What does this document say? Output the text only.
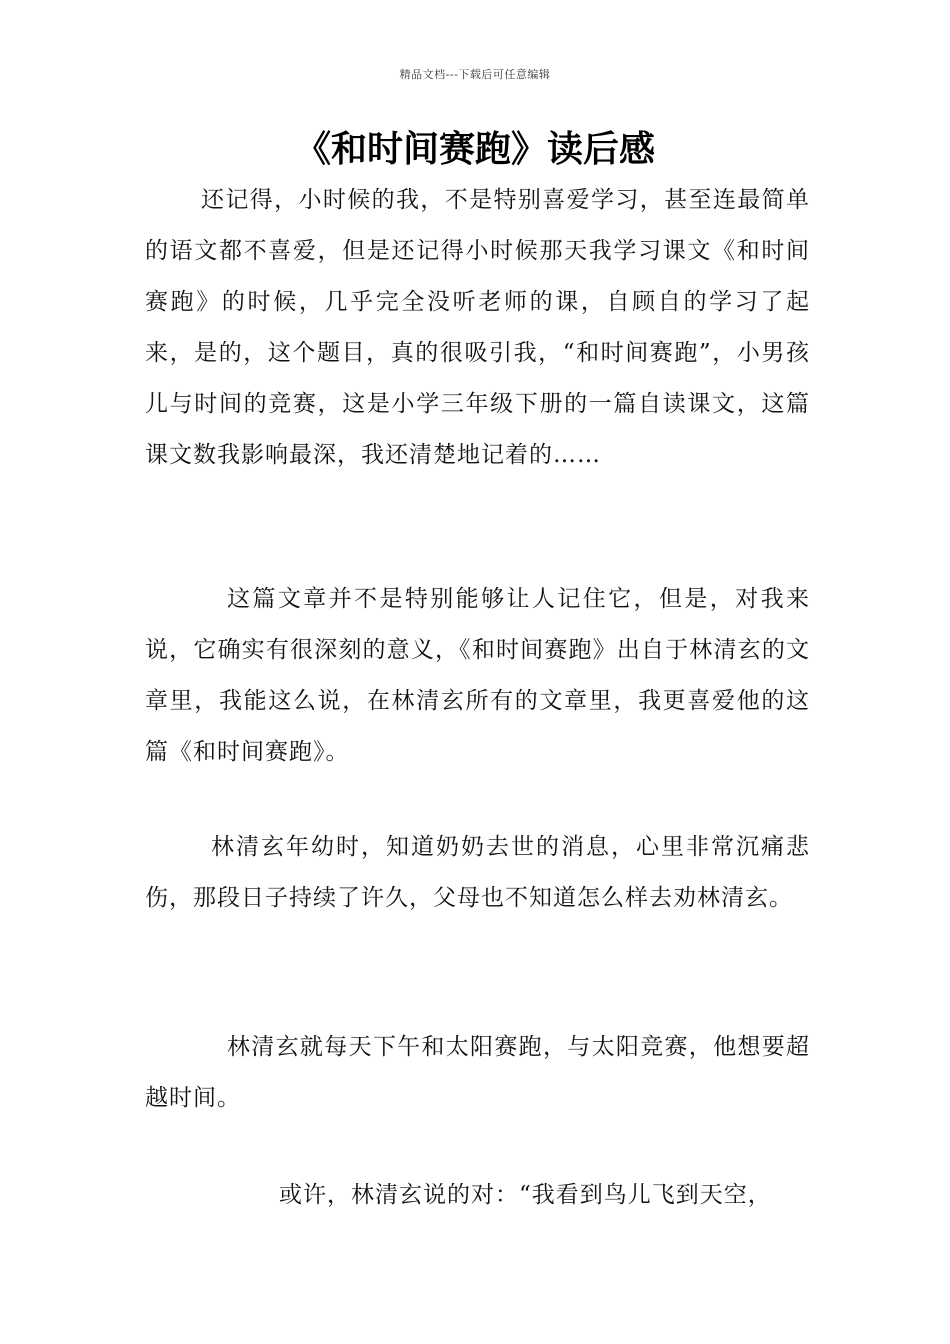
精品文档---下载后可任意编辑
《和时间赛跑》读后感

还记得，小时候的我，不是特别喜爱学习，甚至连最简单的语文都不喜爱，但是还记得小时候那天我学习课文《和时间赛跑》的时候，几乎完全没听老师的课，自顾自的学习了起来，是的，这个题目，真的很吸引我，“和时间赛跑”，小男孩儿与时间的竞赛，这是小学三年级下册的一篇自读课文，这篇课文数我影响最深，我还清楚地记着的……

这篇文章并不是特别能够让人记住它，但是，对我来说，它确实有很深刻的意义，《和时间赛跑》出自于林清玄的文章里，我能这么说，在林清玄所有的文章里，我更喜爱他的这篇《和时间赛跑》。

林清玄年幼时，知道奶奶去世的消息，心里非常沉痛悲伤，那段日子持续了许久，父母也不知道怎么样去劝林清玄。

林清玄就每天下午和太阳赛跑，与太阳竞赛，他想要超越时间。

或许，林清玄说的对：“我看到鸟儿飞到天空，
